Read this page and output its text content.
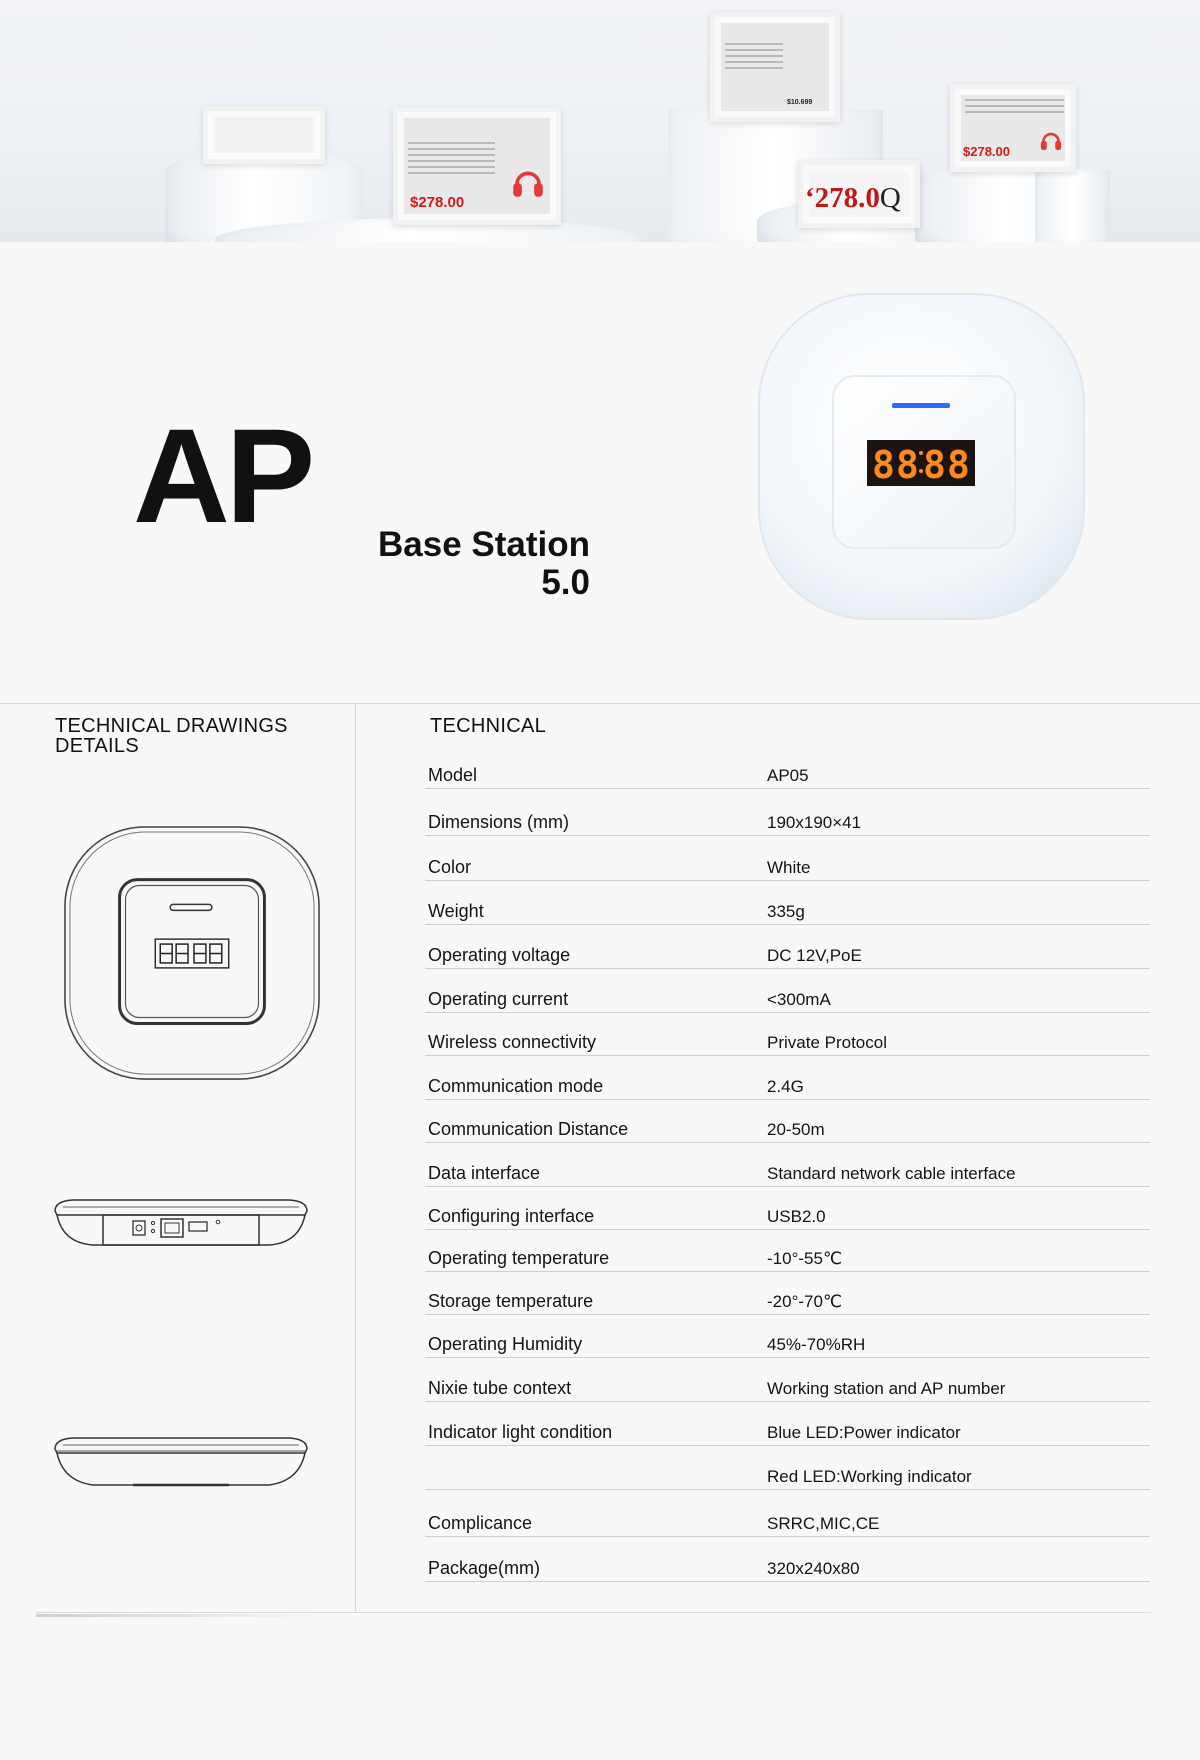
$278.00
$10.699
$278.00
‘278.0Q
AP Base Station
5.0
8 8 8 8
TECHNICAL DRAWINGS
DETAILS
TECHNICAL
Model	AP05
Dimensions (mm)	190x190×41
Color	White
Weight	335g
Operating voltage	DC 12V,PoE
Operating current	<300mA
Wireless connectivity	Private Protocol
Communication mode	2.4G
Communication Distance	20-50m
Data interface	Standard network cable interface
Configuring interface	USB2.0
Operating temperature	-10°-55℃
Storage temperature	-20°-70℃
Operating Humidity	45%-70%RH
Nixie tube context	Working station and AP number
Indicator light condition	Blue LED:Power indicator
Red LED:Working indicator
Complicance	SRRC,MIC,CE
Package(mm)	320x240x80
